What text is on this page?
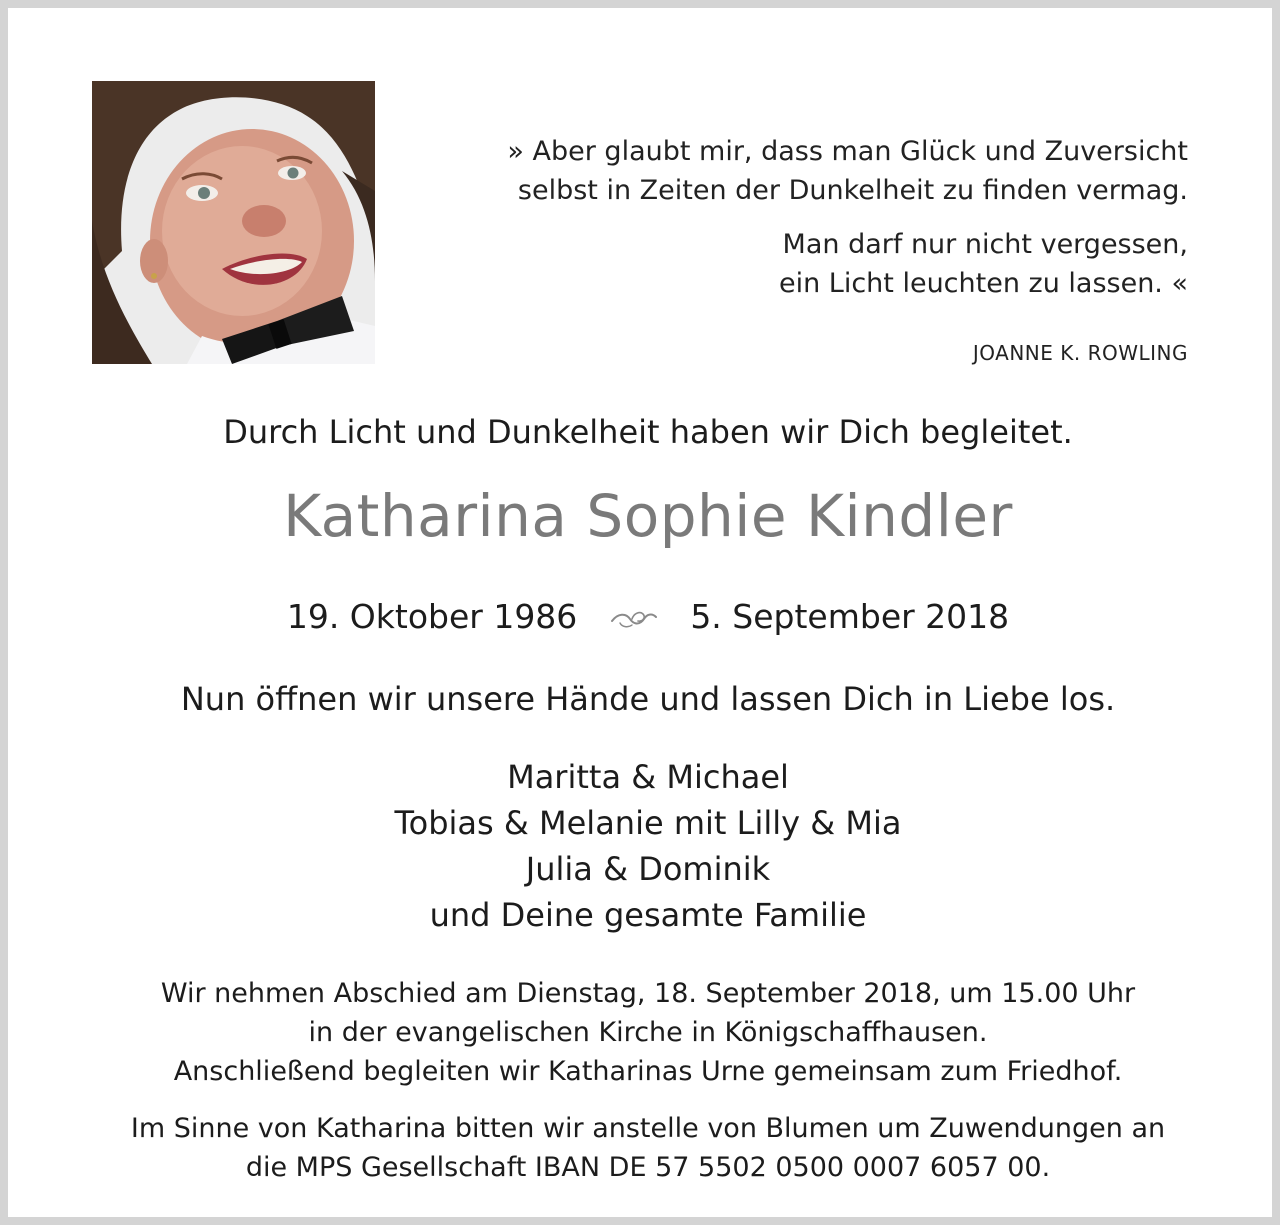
» Aber glaubt mir, dass man Glück und Zuversicht

selbst in Zeiten der Dunkelheit zu finden vermag.

Man darf nur nicht vergessen,

ein Licht leuchten zu lassen. «

JOANNE K. ROWLING
Durch Licht und Dunkelheit haben wir Dich begleitet.
Katharina Sophie Kindler
19. Oktober 1986	5. September 2018
Nun öffnen wir unsere Hände und lassen Dich in Liebe los.
Maritta & Michael
Tobias & Melanie mit Lilly & Mia
Julia & Dominik
und Deine gesamte Familie
Wir nehmen Abschied am Dienstag, 18. September 2018, um 15.00 Uhr
in der evangelischen Kirche in Königschaffhausen.
Anschließend begleiten wir Katharinas Urne gemeinsam zum Friedhof.
Im Sinne von Katharina bitten wir anstelle von Blumen um Zuwendungen an
die MPS Gesellschaft IBAN DE 57 5502 0500 0007 6057 00.
